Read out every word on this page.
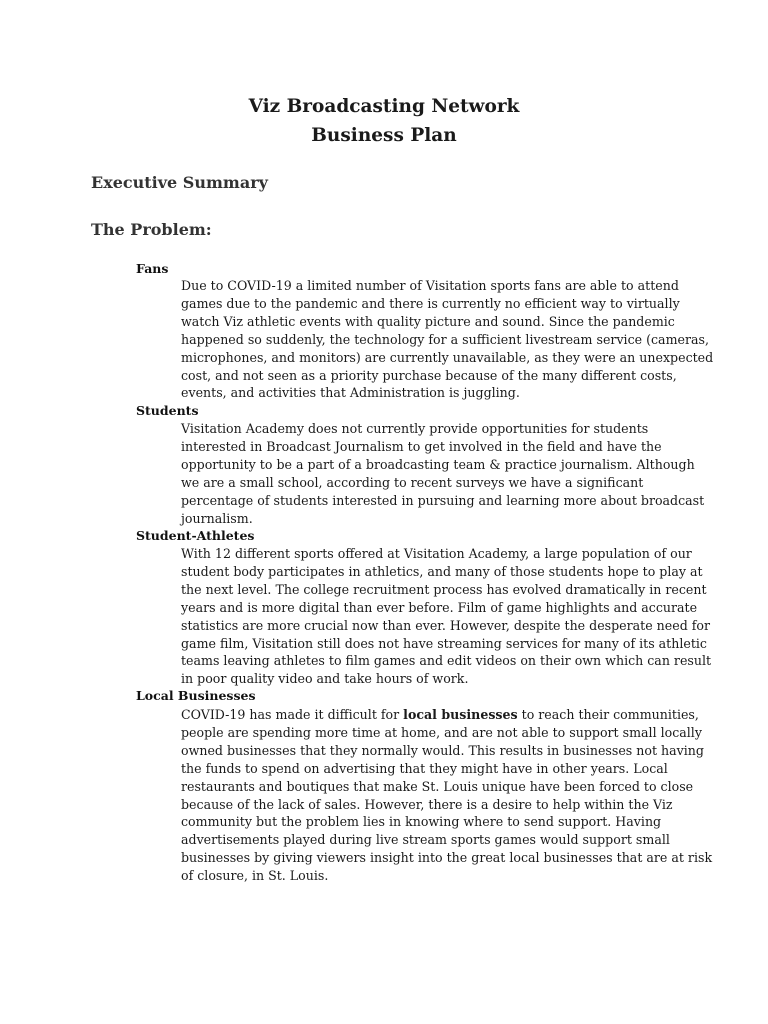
Viz Broadcasting Network
Business Plan
Executive Summary
The Problem:
Fans
Due to COVID-19 a limited number of Visitation sports fans are able to attend
games due to the pandemic and there is currently no efficient way to virtually
watch Viz athletic events with quality picture and sound. Since the pandemic
happened so suddenly, the technology for a sufficient livestream service (cameras,
microphones, and monitors) are currently unavailable, as they were an unexpected
cost, and not seen as a priority purchase because of the many different costs,
events, and activities that Administration is juggling.
Students
Visitation Academy does not currently provide opportunities for students
interested in Broadcast Journalism to get involved in the field and have the
opportunity to be a part of a broadcasting team & practice journalism. Although
we are a small school, according to recent surveys we have a significant
percentage of students interested in pursuing and learning more about broadcast
journalism.
Student-Athletes
With 12 different sports offered at Visitation Academy, a large population of our
student body participates in athletics, and many of those students hope to play at
the next level. The college recruitment process has evolved dramatically in recent
years and is more digital than ever before. Film of game highlights and accurate
statistics are more crucial now than ever. However, despite the desperate need for
game film, Visitation still does not have streaming services for many of its athletic
teams leaving athletes to film games and edit videos on their own which can result
in poor quality video and take hours of work.
Local Businesses
COVID-19 has made it difficult for local businesses to reach their communities,
people are spending more time at home, and are not able to support small locally
owned businesses that they normally would. This results in businesses not having
the funds to spend on advertising that they might have in other years. Local
restaurants and boutiques that make St. Louis unique have been forced to close
because of the lack of sales. However, there is a desire to help within the Viz
community but the problem lies in knowing where to send support. Having
advertisements played during live stream sports games would support small
businesses by giving viewers insight into the great local businesses that are at risk
of closure, in St. Louis.
